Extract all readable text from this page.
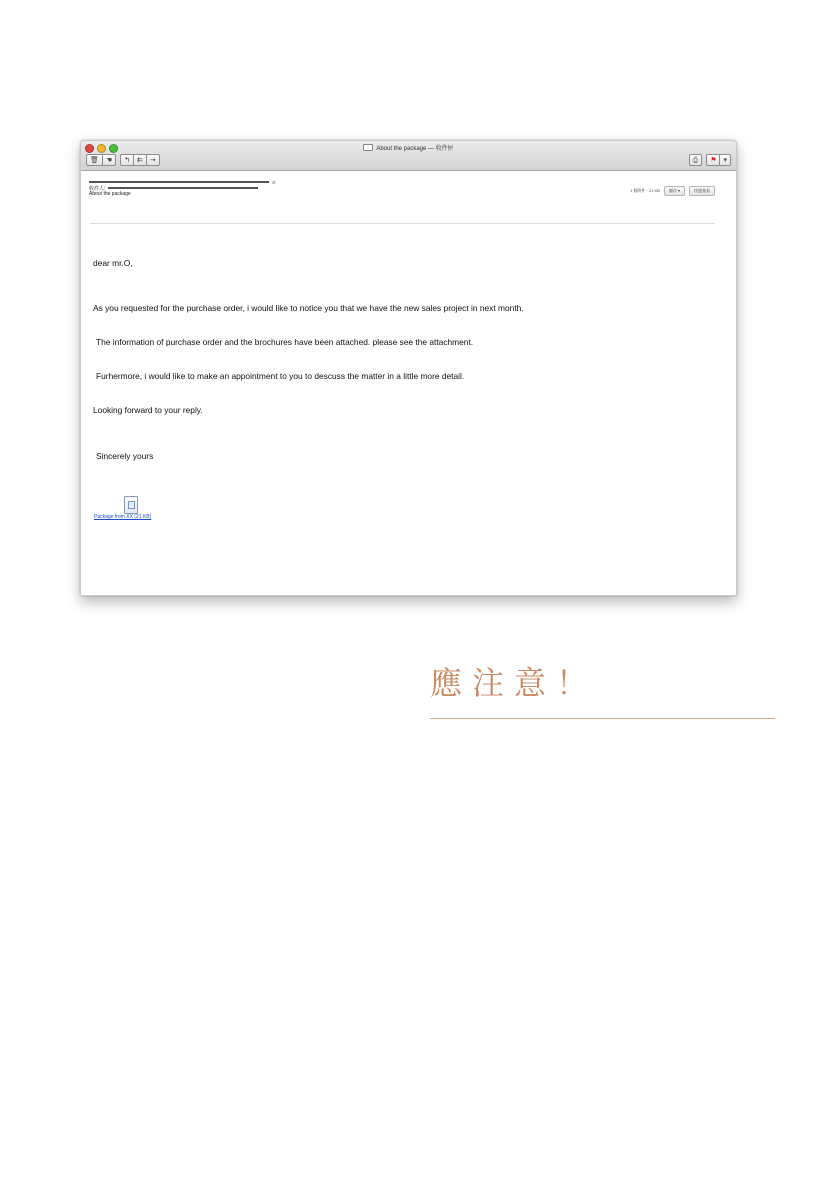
About the package — 收件匣
🗑︎ ☚ ↰ ⇇ →	⎙ ⚑ ▾
⌀
收件人:
About the package
1 個附件 · 21 KB	儲存 ▾	快速查看
dear mr.O,
As you requested for the purchase order, i would like to notice you that we have the new sales project in next month.
The information of purchase order and the brochures have been attached. please see the attachment.
Furhermore, i would like to make an appointment to you to descuss the matter in a little more detail.
Looking forward to your reply.
Sincerely yours
Package from XX (21 KB)
應注意！
